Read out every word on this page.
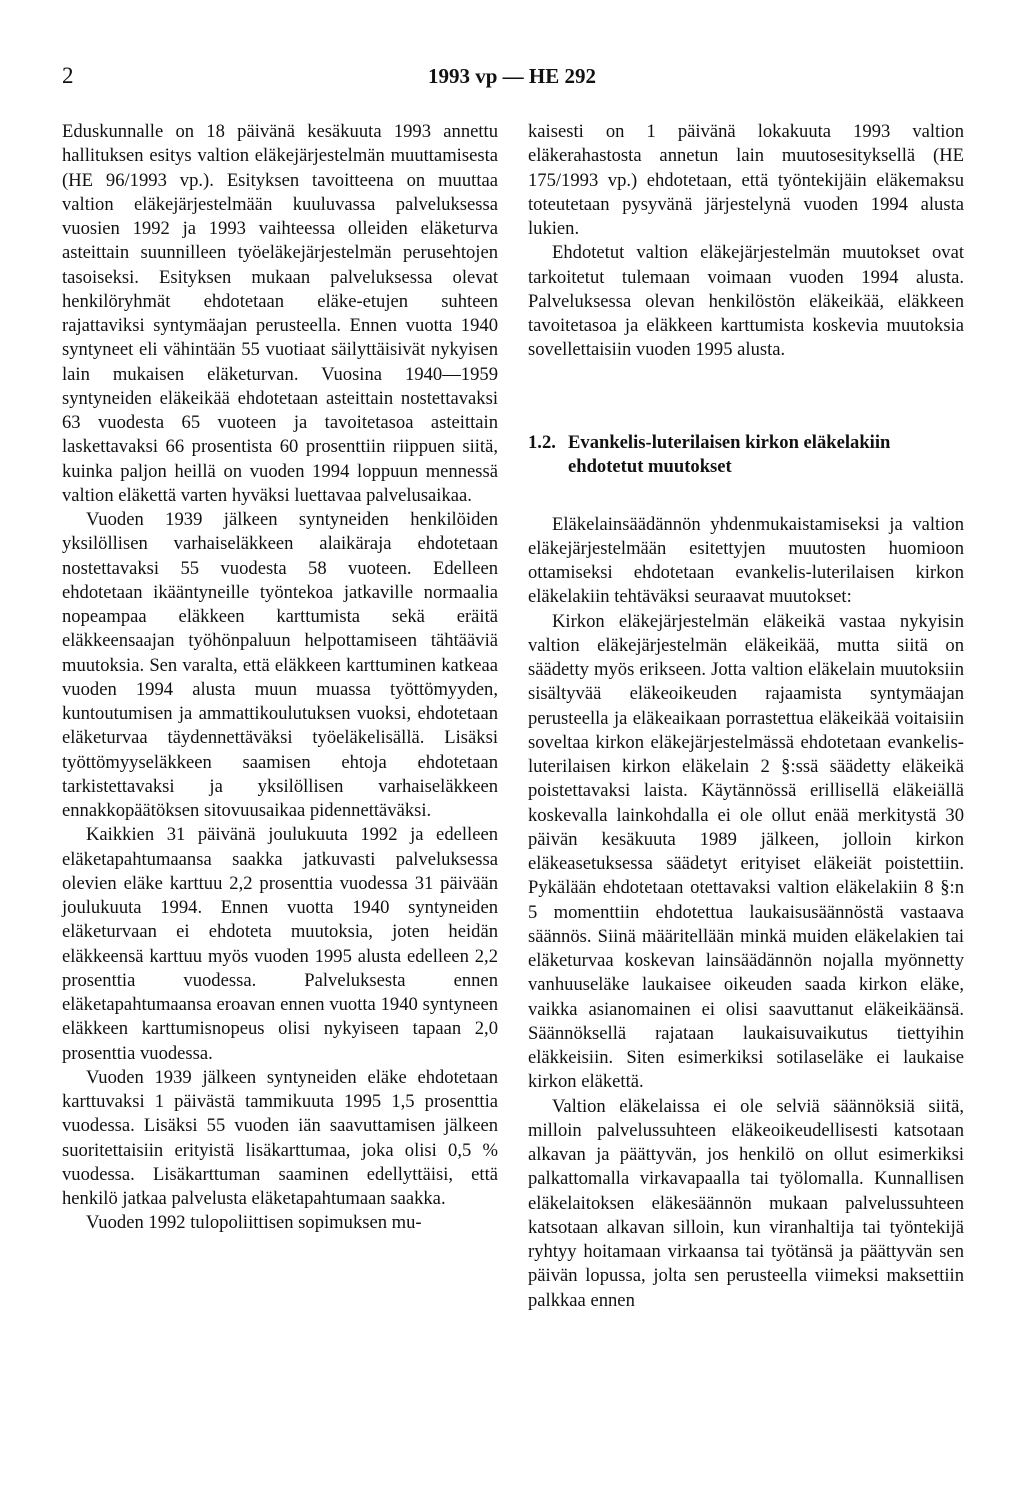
2	1993 vp — HE 292

Eduskunnalle on 18 päivänä kesäkuuta 1993 annettu hallituksen esitys valtion eläkejärjestelmän muuttamisesta (HE 96/1993 vp.). Esityksen tavoitteena on muuttaa valtion eläkejärjestelmään kuuluvassa palveluksessa vuosien 1992 ja 1993 vaihteessa olleiden eläketurva asteittain suunnilleen työeläkejärjestelmän perusehtojen tasoiseksi. Esityksen mukaan palveluksessa olevat henkilöryhmät ehdotetaan eläke-etujen suhteen rajattaviksi syntymäajan perusteella. Ennen vuotta 1940 syntyneet eli vähintään 55 vuotiaat säilyttäisivät nykyisen lain mukaisen eläketurvan. Vuosina 1940—1959 syntyneiden eläkeikää ehdotetaan asteittain nostettavaksi 63 vuodesta 65 vuoteen ja tavoitetasoa asteittain laskettavaksi 66 prosentista 60 prosenttiin riippuen siitä, kuinka paljon heillä on vuoden 1994 loppuun mennessä valtion eläkettä varten hyväksi luettavaa palvelusaikaa.

Vuoden 1939 jälkeen syntyneiden henkilöiden yksilöllisen varhaiseläkkeen alaikäraja ehdotetaan nostettavaksi 55 vuodesta 58 vuoteen. Edelleen ehdotetaan ikääntyneille työntekoa jatkaville normaalia nopeampaa eläkkeen karttumista sekä eräitä eläkkeensaajan työhönpaluun helpottamiseen tähtääviä muutoksia. Sen varalta, että eläkkeen karttuminen katkeaa vuoden 1994 alusta muun muassa työttömyyden, kuntoutumisen ja ammattikoulutuksen vuoksi, ehdotetaan eläketurvaa täydennettäväksi työeläkelisällä. Lisäksi työttömyyseläkkeen saamisen ehtoja ehdotetaan tarkistettavaksi ja yksilöllisen varhaiseläkkeen ennakkopäätöksen sitovuusaikaa pidennettäväksi.

Kaikkien 31 päivänä joulukuuta 1992 ja edelleen eläketapahtumaansa saakka jatkuvasti palveluksessa olevien eläke karttuu 2,2 prosenttia vuodessa 31 päivään joulukuuta 1994. Ennen vuotta 1940 syntyneiden eläketurvaan ei ehdoteta muutoksia, joten heidän eläkkeensä karttuu myös vuoden 1995 alusta edelleen 2,2 prosenttia vuodessa. Palveluksesta ennen eläketapahtumaansa eroavan ennen vuotta 1940 syntyneen eläkkeen karttumisnopeus olisi nykyiseen tapaan 2,0 prosenttia vuodessa.

Vuoden 1939 jälkeen syntyneiden eläke ehdotetaan karttuvaksi 1 päivästä tammikuuta 1995 1,5 prosenttia vuodessa. Lisäksi 55 vuoden iän saavuttamisen jälkeen suoritettaisiin erityistä lisäkarttumaa, joka olisi 0,5 % vuodessa. Lisäkarttuman saaminen edellyttäisi, että henkilö jatkaa palvelusta eläketapahtumaan saakka.

Vuoden 1992 tulopoliittisen sopimuksen mu-

kaisesti on 1 päivänä lokakuuta 1993 valtion eläkerahastosta annetun lain muutosesityksellä (HE 175/1993 vp.) ehdotetaan, että työntekijäin eläkemaksu toteutetaan pysyvänä järjestelynä vuoden 1994 alusta lukien.

Ehdotetut valtion eläkejärjestelmän muutokset ovat tarkoitetut tulemaan voimaan vuoden 1994 alusta. Palveluksessa olevan henkilöstön eläkeikää, eläkkeen tavoitetasoa ja eläkkeen karttumista koskevia muutoksia sovellettaisiin vuoden 1995 alusta.

1.2. Evankelis-luterilaisen kirkon eläkelakiin ehdotetut muutokset

Eläkelainsäädännön yhdenmukaistamiseksi ja valtion eläkejärjestelmään esitettyjen muutosten huomioon ottamiseksi ehdotetaan evankelis-luterilaisen kirkon eläkelakiin tehtäväksi seuraavat muutokset:

Kirkon eläkejärjestelmän eläkeikä vastaa nykyisin valtion eläkejärjestelmän eläkeikää, mutta siitä on säädetty myös erikseen. Jotta valtion eläkelain muutoksiin sisältyvää eläkeoikeuden rajaamista syntymäajan perusteella ja eläkeaikaan porrastettua eläkeikää voitaisiin soveltaa kirkon eläkejärjestelmässä ehdotetaan evankelis-luterilaisen kirkon eläkelain 2 §:ssä säädetty eläkeikä poistettavaksi laista. Käytännössä erillisellä eläkeiällä koskevalla lainkohdalla ei ole ollut enää merkitystä 30 päivän kesäkuuta 1989 jälkeen, jolloin kirkon eläkeasetuksessa säädetyt erityiset eläkeiät poistettiin. Pykälään ehdotetaan otettavaksi valtion eläkelakiin 8 §:n 5 momenttiin ehdotettua laukaisusäännöstä vastaava säännös. Siinä määritellään minkä muiden eläkelakien tai eläketurvaa koskevan lainsäädännön nojalla myönnetty vanhuuseläke laukaisee oikeuden saada kirkon eläke, vaikka asianomainen ei olisi saavuttanut eläkeikäänsä. Säännöksellä rajataan laukaisuvaikutus tiettyihin eläkkeisiin. Siten esimerkiksi sotilaseläke ei laukaise kirkon eläkettä.

Valtion eläkelaissa ei ole selviä säännöksiä siitä, milloin palvelussuhteen eläkeoikeudellisesti katsotaan alkavan ja päättyvän, jos henkilö on ollut esimerkiksi palkattomalla virkavapaalla tai työlomalla. Kunnallisen eläkelaitoksen eläkesäännön mukaan palvelussuhteen katsotaan alkavan silloin, kun viranhaltija tai työntekijä ryhtyy hoitamaan virkaansa tai työtänsä ja päättyvän sen päivän lopussa, jolta sen perusteella viimeksi maksettiin palkkaa ennen
